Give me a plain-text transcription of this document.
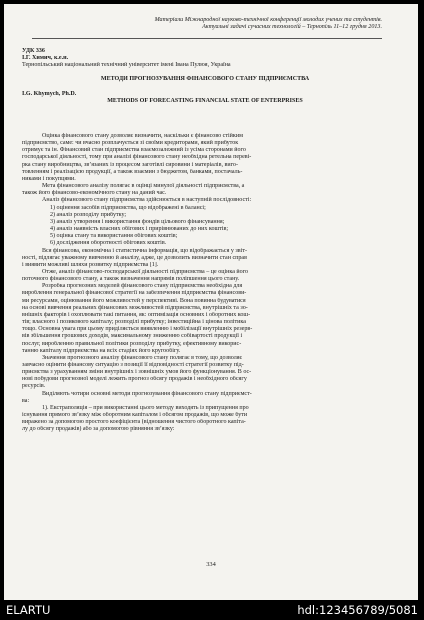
Матеріали Міжнародної науково-технічної конференції молодих учених та студентів.
Актуальні задачі сучасних технологій – Тернопіль 11–12 грудня 2013.

УДК 336

І.Г. Химич, к.е.н.

Тернопільський національний технічний університет імені Івана Пулюя, Україна

МЕТОДИ ПРОГНОЗУВАННЯ ФІНАНСОВОГО СТАНУ ПІДПРИЄМСТВА

I.G. Khymych, Ph.D.

METHODS OF FORECASTING FINANCIAL STATE OF ENTERPRISES

Оцінка фінансового стану дозволяє визначити, наскільки є фінансово стійким

підприємство, саме: чи вчасно розплачується зі своїми кредиторами, який прибуток

отримує та ін. Фінансовий стан підприємства взаємозалежний із усіма сторонами його

господарської діяльності, тому при аналізі фінансового стану необхідна ретельна переві-

рка стану виробництва, зв’язаних із процесом заготівлі сировини і матеріалів, виго-

товленням і реалізацією продукції, а також взаємин з бюджетом, банками, постачаль-

никами і покупцями.

Мета фінансового аналізу полягає в оцінці минулої діяльності підприємства, а

також його фінансово-економічного стану на даний час.

Аналіз фінансового стану підприємства здійснюється в наступній послідовності:

1) оцінення засобів підприємства, що відображені в балансі;

2) аналіз розподілу прибутку;

3) аналіз утворення і використання фондів цільового фінансування;

4) аналіз наявність власних обігових і прирівнюваних до них коштів;

5) оцінка стану та використання обігових коштів;

6) дослідження оборотності обігових коштів.

Вся фінансова, економічна і статистична інформація, що відображається у звіт-

ності, підлягає уважному вивченню й аналізу, адже, це дозволить визначити стан справ

і виявити можливі шляхи розвитку підприємства [1].

Отже, аналіз фінансово-господарської діяльності підприємства – це оцінка його

поточного фінансового стану, а також визначення напрямів поліпшення цього стану.

Розробка прогнозних моделей фінансового стану підприємства необхідна для

вироблення генеральної фінансової стратегії на забезпечення підприємства фінансови-

ми ресурсами, оцінювання його можливостей у перспективі. Вона повинна будуватися

на основі вивчення реальних фінансових можливостей підприємства, внутрішніх та зо-

внішніх факторів і охоплювати такі питання, як: оптимізація основних і оборотних кош-

тів; власного і позикового капіталу; розподілі прибутку; інвестиційна і цінова політика

тощо. Основна увага при цьому приділяється виявленню і мобілізації внутрішніх резерв-

вів збільшення грошових доходів, максимальному зниженню собівартості продукції і

послуг, виробленню правильної політики розподілу прибутку, ефективному викорис-

танню капіталу підприємства на всіх стадіях його кругообігу.

Значення прогнозного аналізу фінансового стану полягає в тому, що дозволяє

завчасно оцінити фінансову ситуацію з позиції її відповідності стратегії розвитку під-

приємства з урахуванням зміни внутрішніх і зовнішніх умов його функціонування. В ос-

нові побудови прогнозної моделі лежить прогноз обсягу продажів і необхідного обсягу

ресурсів.

Виділяють чотири основні методи прогнозування фінансового стану підприємст-

ва:

1). Екстраполяція – при використанні цього методу виходять із припущення про

існування прямого зв’язку між оборотним капіталом і обсягом продажів, що може бути

виражено за допомогою простого коефіцієнта (відношення чистого оборотного капіта-

лу до обсягу продажів) або за допомогою рівняння зв’язку:

334
ELARTU	hdl:123456789/5081
